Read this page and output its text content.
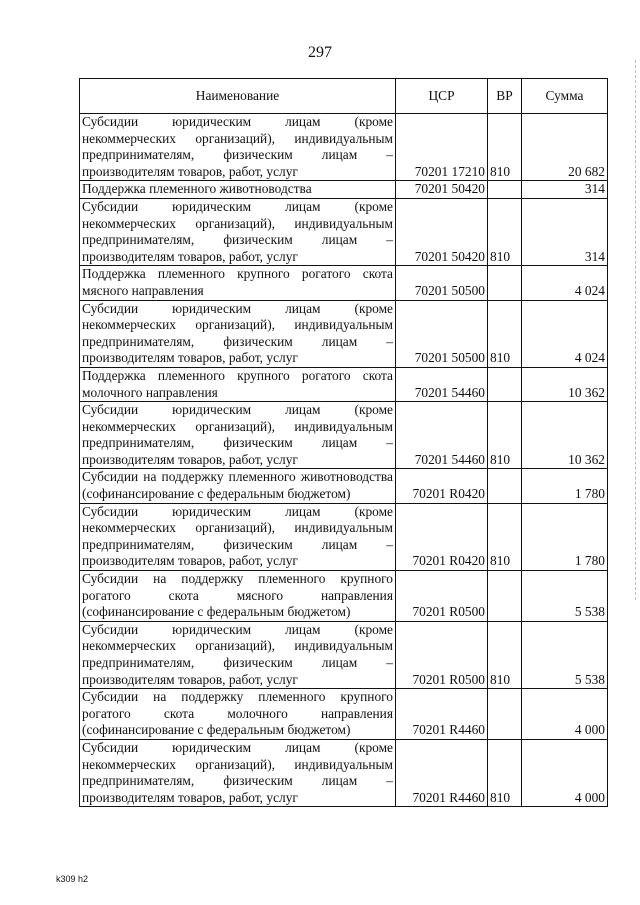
297
Наименование	ЦСР	ВР	Сумма
Субсидии юридическим лицам (кроме некоммерческих организаций), индивидуальным предпринимателям, физическим лицам – производителям товаров, работ, услуг	70201 17210	810	20 682
Поддержка племенного животноводства	70201 50420		314
Субсидии юридическим лицам (кроме некоммерческих организаций), индивидуальным предпринимателям, физическим лицам – производителям товаров, работ, услуг	70201 50420	810	314
Поддержка племенного крупного рогатого скота мясного направления	70201 50500		4 024
Субсидии юридическим лицам (кроме некоммерческих организаций), индивидуальным предпринимателям, физическим лицам – производителям товаров, работ, услуг	70201 50500	810	4 024
Поддержка племенного крупного рогатого скота молочного направления	70201 54460		10 362
Субсидии юридическим лицам (кроме некоммерческих организаций), индивидуальным предпринимателям, физическим лицам – производителям товаров, работ, услуг	70201 54460	810	10 362
Субсидии на поддержку племенного животноводства (софинансирование с федеральным бюджетом)	70201 R0420		1 780
Субсидии юридическим лицам (кроме некоммерческих организаций), индивидуальным предпринимателям, физическим лицам – производителям товаров, работ, услуг	70201 R0420	810	1 780
Субсидии на поддержку племенного крупного рогатого скота мясного направления (софинансирование с федеральным бюджетом)	70201 R0500		5 538
Субсидии юридическим лицам (кроме некоммерческих организаций), индивидуальным предпринимателям, физическим лицам – производителям товаров, работ, услуг	70201 R0500	810	5 538
Субсидии на поддержку племенного крупного рогатого скота молочного направления (софинансирование с федеральным бюджетом)	70201 R4460		4 000
Субсидии юридическим лицам (кроме некоммерческих организаций), индивидуальным предпринимателям, физическим лицам – производителям товаров, работ, услуг	70201 R4460	810	4 000
k309 h2
